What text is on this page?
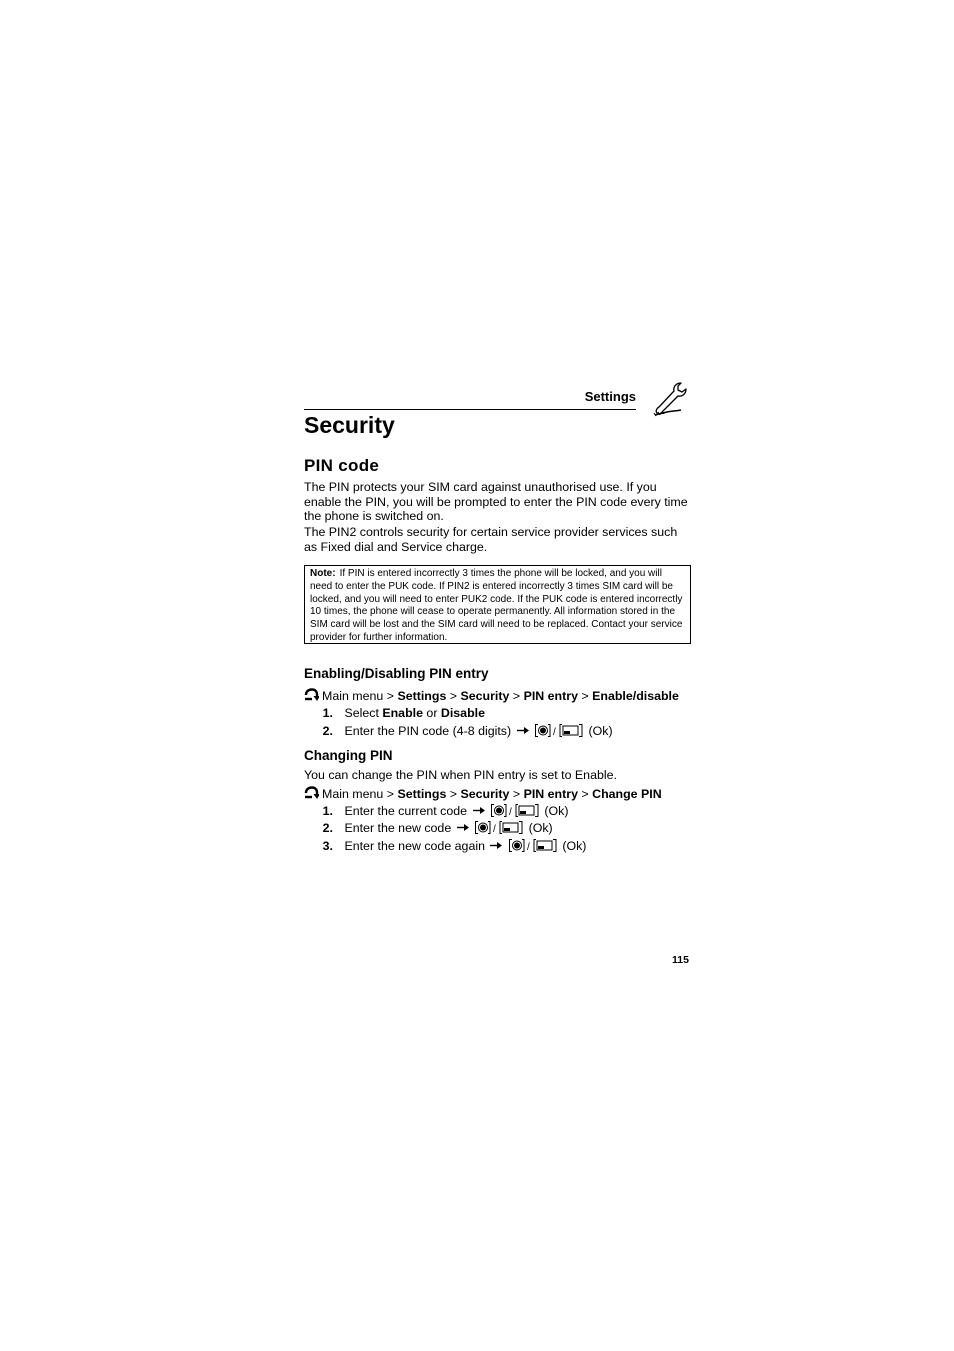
Settings
Security
PIN code

The PIN protects your SIM card against unauthorised use. If you enable the PIN, you will be prompted to enter the PIN code every time the phone is switched on.

The PIN2 controls security for certain service provider services such as Fixed dial and Service charge.

Note: If PIN is entered incorrectly 3 times the phone will be locked, and you will need to enter the PUK code. If PIN2 is entered incorrectly 3 times SIM card will be locked, and you will need to enter PUK2 code. If the PUK code is entered incorrectly 10 times, the phone will cease to operate permanently. All information stored in the SIM card will be lost and the SIM card will need to be replaced. Contact your service provider for further information.
Enabling/Disabling PIN entry
Main menu > Settings > Security > PIN entry > Enable/disable
1. Select Enable or Disable
2. Enter the PIN code (4-8 digits)	/	(Ok)
Changing PIN

You can change the PIN when PIN entry is set to Enable.

Main menu > Settings > Security > PIN entry > Change PIN
1. Enter the current code	/	(Ok)
2. Enter the new code	/	(Ok)
3. Enter the new code again	/	(Ok)
115
